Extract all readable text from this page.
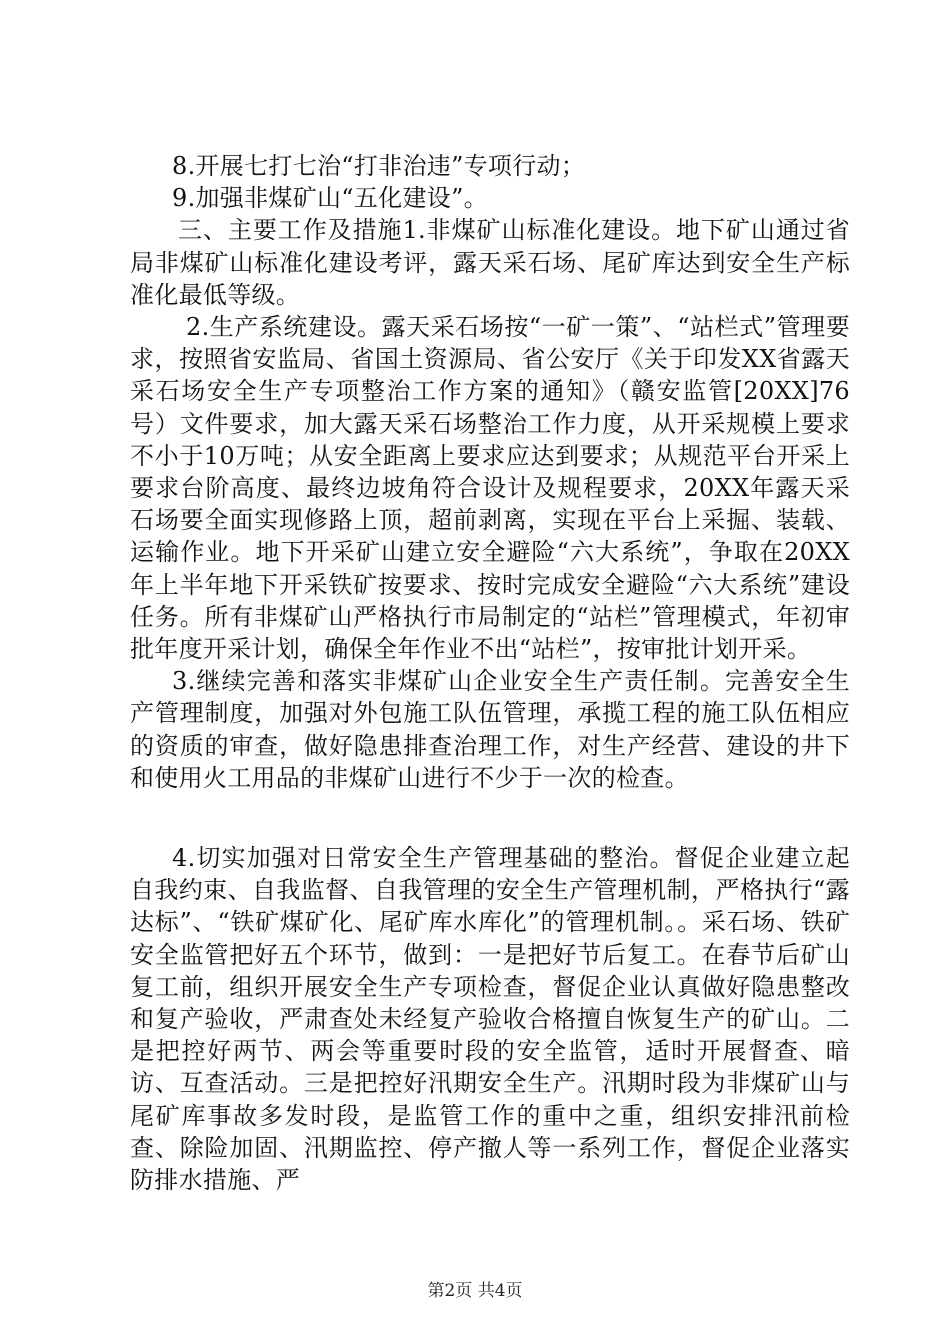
8.开展七打七治“打非治违”专项行动；

9.加强非煤矿山“五化建设”。

三、主要工作及措施1.非煤矿山标准化建设。地下矿山通过省局非煤矿山标准化建设考评，露天采石场、尾矿库达到安全生产标准化最低等级。

2.生产系统建设。露天采石场按“一矿一策”、“站栏式”管理要求，按照省安监局、省国土资源局、省公安厅《关于印发XX省露天采石场安全生产专项整治工作方案的通知》（赣安监管[20XX]76号）文件要求，加大露天采石场整治工作力度，从开采规模上要求不小于10万吨；从安全距离上要求应达到要求；从规范平台开采上要求台阶高度、最终边坡角符合设计及规程要求，20XX年露天采石场要全面实现修路上顶，超前剥离，实现在平台上采掘、装载、运输作业。地下开采矿山建立安全避险“六大系统”，争取在20XX年上半年地下开采铁矿按要求、按时完成安全避险“六大系统”建设任务。所有非煤矿山严格执行市局制定的“站栏”管理模式，年初审批年度开采计划，确保全年作业不出“站栏”，按审批计划开采。

3.继续完善和落实非煤矿山企业安全生产责任制。完善安全生产管理制度，加强对外包施工队伍管理，承揽工程的施工队伍相应的资质的审查，做好隐患排查治理工作，对生产经营、建设的井下和使用火工用品的非煤矿山进行不少于一次的检查。

4.切实加强对日常安全生产管理基础的整治。督促企业建立起自我约束、自我监督、自我管理的安全生产管理机制，严格执行“露达标”、“铁矿煤矿化、尾矿库水库化”的管理机制。。采石场、铁矿安全监管把好五个环节，做到：一是把好节后复工。在春节后矿山复工前，组织开展安全生产专项检查，督促企业认真做好隐患整改和复产验收，严肃查处未经复产验收合格擅自恢复生产的矿山。二是把控好两节、两会等重要时段的安全监管，适时开展督查、暗访、互查活动。三是把控好汛期安全生产。汛期时段为非煤矿山与尾矿库事故多发时段，是监管工作的重中之重，组织安排汛前检查、除险加固、汛期监控、停产撤人等一系列工作，督促企业落实防排水措施、严

第2页 共4页
